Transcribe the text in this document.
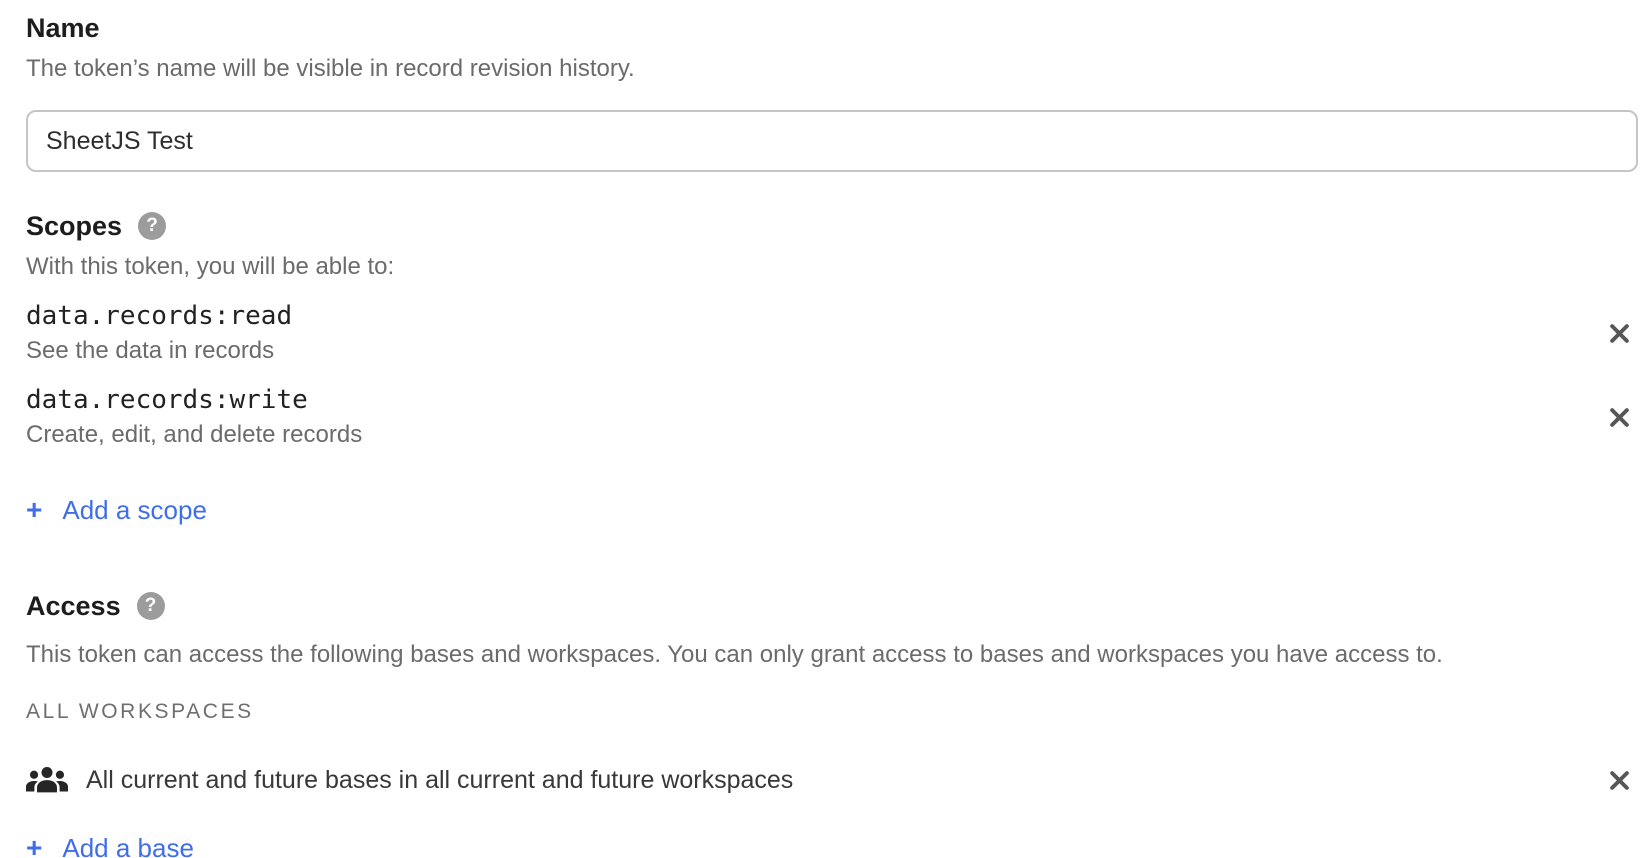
Name

The token’s name will be visible in record revision history.

SheetJS Test
Scopes	?

With this token, you will be able to:

data.records:read
See the data in records
data.records:write
Create, edit, and delete records
+ Add a scope
Access	?

This token can access the following bases and workspaces. You can only grant access to bases and workspaces you have access to.

ALL WORKSPACES
All current and future bases in all current and future workspaces
+ Add a base
